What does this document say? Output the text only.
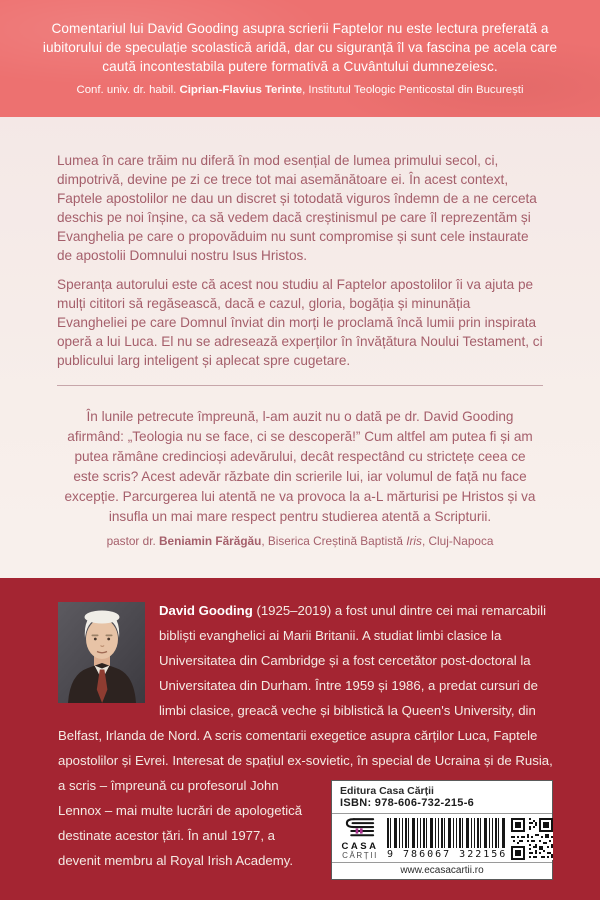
Comentariul lui David Gooding asupra scrierii Faptelor nu este lectura preferată a iubitorului de speculație scolastică aridă, dar cu siguranță îl va fascina pe acela care caută incontestabila putere formativă a Cuvântului dumnezeiesc.

Conf. univ. dr. habil. Ciprian-Flavius Terinte, Institutul Teologic Penticostal din București

Lumea în care trăim nu diferă în mod esențial de lumea primului secol, ci, dimpotrivă, devine pe zi ce trece tot mai asemănătoare ei. În acest context, Faptele apostolilor ne dau un discret și totodată viguros îndemn de a ne cerceta deschis pe noi înșine, ca să vedem dacă creștinismul pe care îl reprezentăm și Evanghelia pe care o propovăduim nu sunt compromise și sunt cele instaurate de apostolii Domnului nostru Isus Hristos.

Speranța autorului este că acest nou studiu al Faptelor apostolilor îi va ajuta pe mulți cititori să regăsească, dacă e cazul, gloria, bogăția și minunăția Evangheliei pe care Domnul înviat din morți le proclamă încă lumii prin inspirata operă a lui Luca. El nu se adresează experților în învățătura Noului Testament, ci publicului larg inteligent și aplecat spre cugetare.

În lunile petrecute împreună, l-am auzit nu o dată pe dr. David Gooding afirmând: „Teologia nu se face, ci se descoperă!” Cum altfel am putea fi și am putea rămâne credincioși adevărului, decât respectând cu strictețe ceea ce este scris? Acest adevăr răzbate din scrierile lui, iar volumul de față nu face excepție. Parcurgerea lui atentă ne va provoca la a-L mărturisi pe Hristos și va insufla un mai mare respect pentru studierea atentă a Scripturii.

pastor dr. Beniamin Fărăgău, Biserica Creștină Baptistă Iris, Cluj-Napoca

David Gooding (1925–2019) a fost unul dintre cei mai remarcabili bibliști evanghelici ai Marii Britanii. A studiat limbi clasice la Universitatea din Cambridge și a fost cercetător post-doctoral la Universitatea din Durham. Între 1959 și 1986, a predat cursuri de limbi clasice, greacă veche și biblistică la Queen's University, din Belfast, Irlanda de Nord. A scris comentarii exegetice asupra cărților Luca, Faptele apostolilor și Evrei. Interesat de spațiul ex-sovietic, în special de
Editura Casa Cărții
ISBN: 978-606-732-215-6
CASA
CĂRȚII 9 786067 322156
www.ecasacartii.ro
Ucraina și de Rusia, a scris – împreună cu profesorul John Lennox – mai multe lucrări de apologetică destinate acestor țări. În anul 1977, a devenit membru al Royal Irish Academy.
